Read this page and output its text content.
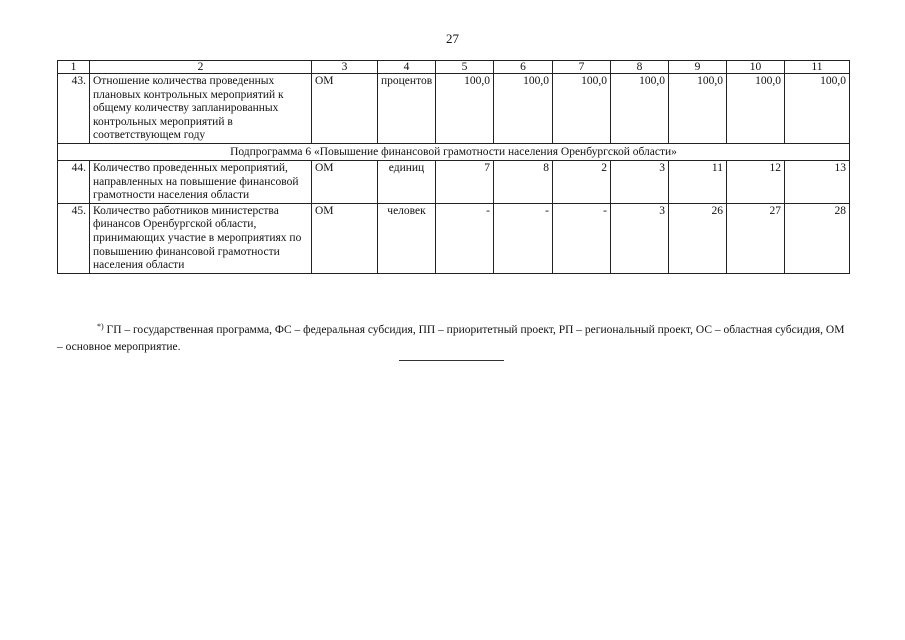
27
1	2	3	4	5	6	7	8	9	10	11
43.	Отношение количества проведенных плановых контрольных мероприятий к общему количеству запланированных контрольных мероприятий в соответствующем году	ОМ	процентов	100,0	100,0	100,0	100,0	100,0	100,0	100,0
Подпрограмма 6 «Повышение финансовой грамотности населения Оренбургской области»										
44.	Количество проведенных мероприятий, направленных на повышение финансовой грамотности населения области	ОМ	единиц	7	8	2	3	11	12	13
45.	Количество работников министерства финансов Оренбургской области, принимающих участие в мероприятиях по повышению финансовой грамотности населения области	ОМ	человек	-	-	-	3	26	27	28
*) ГП – государственная программа, ФС – федеральная субсидия, ПП – приоритетный проект, РП – региональный проект, ОС – областная субсидия, ОМ – основное мероприятие.
